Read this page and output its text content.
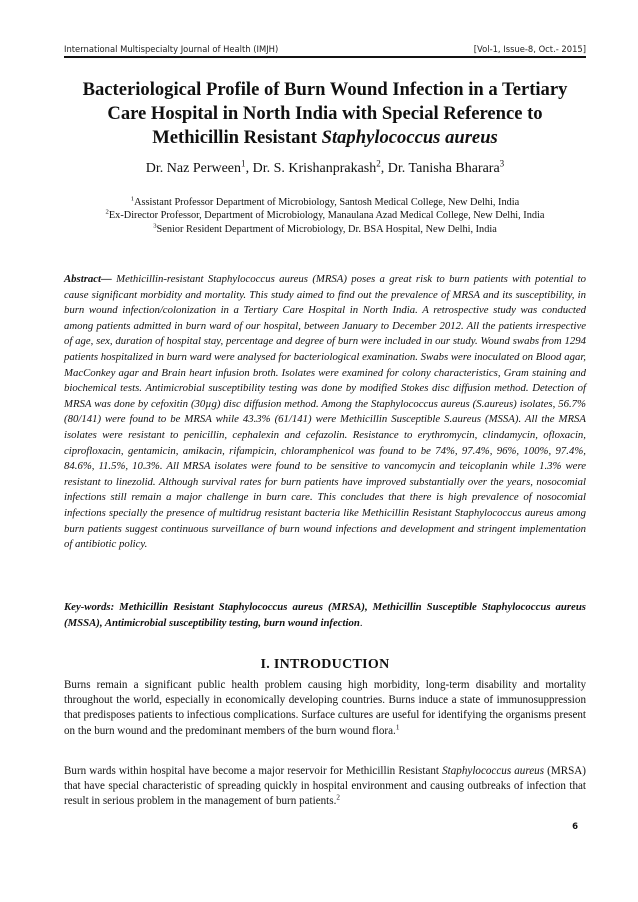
International Multispecialty Journal of Health (IMJH)	[Vol-1, Issue-8, Oct.- 2015]
Bacteriological Profile of Burn Wound Infection in a Tertiary Care Hospital in North India with Special Reference to Methicillin Resistant Staphylococcus aureus
Dr. Naz Perween$^1$, Dr. S. Krishanprakash$^2$, Dr. Tanisha Bharara$^3$
$^1$Assistant Professor Department of Microbiology, Santosh Medical College, New Delhi, India
$^2$Ex-Director Professor, Department of Microbiology, Manaulana Azad Medical College, New Delhi, India
$^3$Senior Resident Department of Microbiology, Dr. BSA Hospital, New Delhi, India
Abstract— Methicillin-resistant Staphylococcus aureus (MRSA) poses a great risk to burn patients with potential to cause significant morbidity and mortality. This study aimed to find out the prevalence of MRSA and its susceptibility, in burn wound infection/colonization in a Tertiary Care Hospital in North India. A retrospective study was conducted among patients admitted in burn ward of our hospital, between January to December 2012. All the patients irrespective of age, sex, duration of hospital stay, percentage and degree of burn were included in our study. Wound swabs from 1294 patients hospitalized in burn ward were analysed for bacteriological examination. Swabs were inoculated on Blood agar, MacConkey agar and Brain heart infusion broth. Isolates were examined for colony characteristics, Gram staining and biochemical tests. Antimicrobial susceptibility testing was done by modified Stokes disc diffusion method. Detection of MRSA was done by cefoxitin (30µg) disc diffusion method. Among the Staphylococcus aureus (S.aureus) isolates, 56.7% (80/141) were found to be MRSA while 43.3% (61/141) were Methicillin Susceptible S.aureus (MSSA). All the MRSA isolates were resistant to penicillin, cephalexin and cefazolin. Resistance to erythromycin, clindamycin, ofloxacin, ciprofloxacin, gentamicin, amikacin, rifampicin, chloramphenicol was found to be 74%, 97.4%, 96%, 100%, 97.4%, 84.6%, 11.5%, 10.3%. All MRSA isolates were found to be sensitive to vancomycin and teicoplanin while 1.3% were resistant to linezolid. Although survival rates for burn patients have improved substantially over the years, nosocomial infections still remain a major challenge in burn care. This concludes that there is high prevalence of nosocomial infections specially the presence of multidrug resistant bacteria like Methicillin Resistant Staphylococcus aureus among burn patients suggest continuous surveillance of burn wound infections and development and stringent implementation of antibiotic policy.
Key-words: Methicillin Resistant Staphylococcus aureus (MRSA), Methicillin Susceptible Staphylococcus aureus (MSSA), Antimicrobial susceptibility testing, burn wound infection.
I. INTRODUCTION
Burns remain a significant public health problem causing high morbidity, long-term disability and mortality throughout the world, especially in economically developing countries. Burns induce a state of immunosuppression that predisposes patients to infectious complications. Surface cultures are useful for identifying the organisms present on the burn wound and the predominant members of the burn wound flora.$^1$
Burn wards within hospital have become a major reservoir for Methicillin Resistant Staphylococcus aureus (MRSA) that have special characteristic of spreading quickly in hospital environment and causing outbreaks of infection that result in serious problem in the management of burn patients.$^2$
6
